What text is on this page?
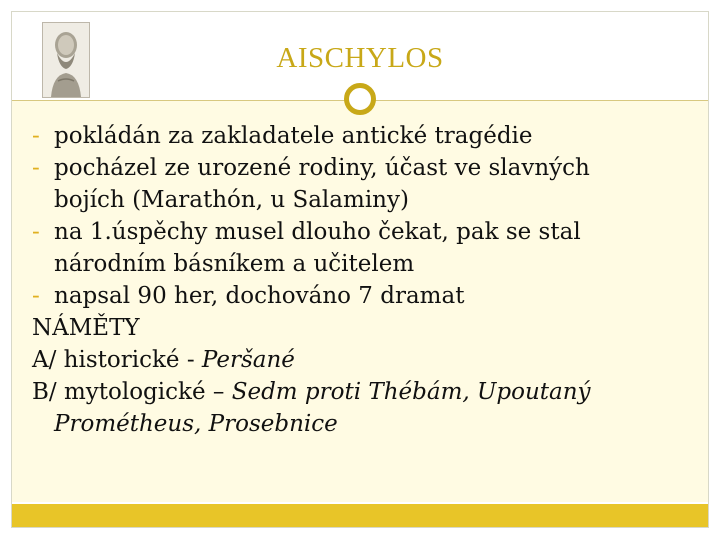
AISCHYLOS
- pokládán za zakladatele antické tragédie
- pocházel ze urozené rodiny, účast ve slavných
bojích (Marathón, u Salaminy)
- na 1.úspěchy musel dlouho čekat, pak se stal
národním básníkem a učitelem
- napsal 90 her, dochováno 7 dramat
NÁMĚTY
A/ historické - Peršané
B/ mytologické – Sedm proti Thébám, Upoutaný
Prométheus, Prosebnice
